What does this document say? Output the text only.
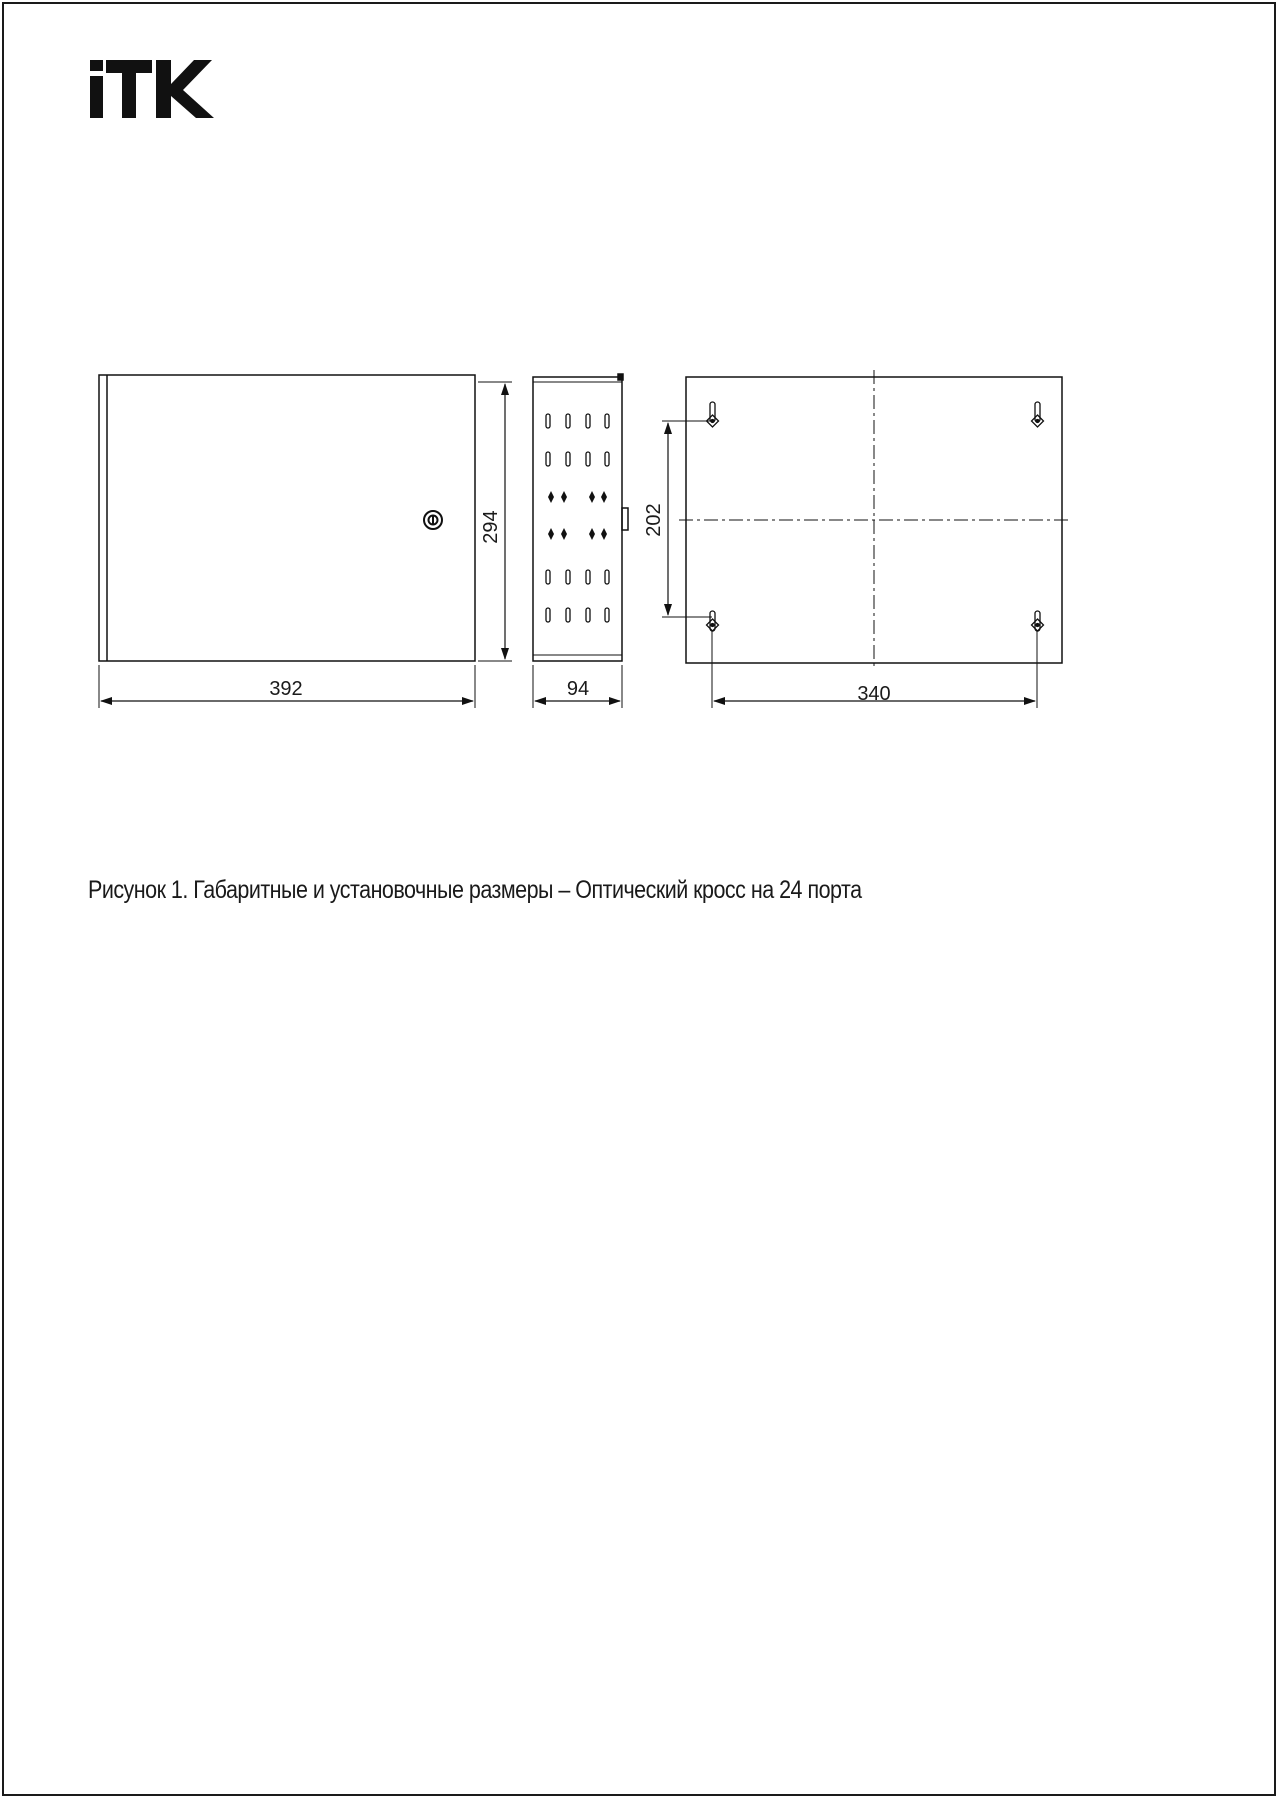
294
392	94
202
340

Рисунок 1. Габаритные и установочные размеры – Оптический кросс на 24 порта
